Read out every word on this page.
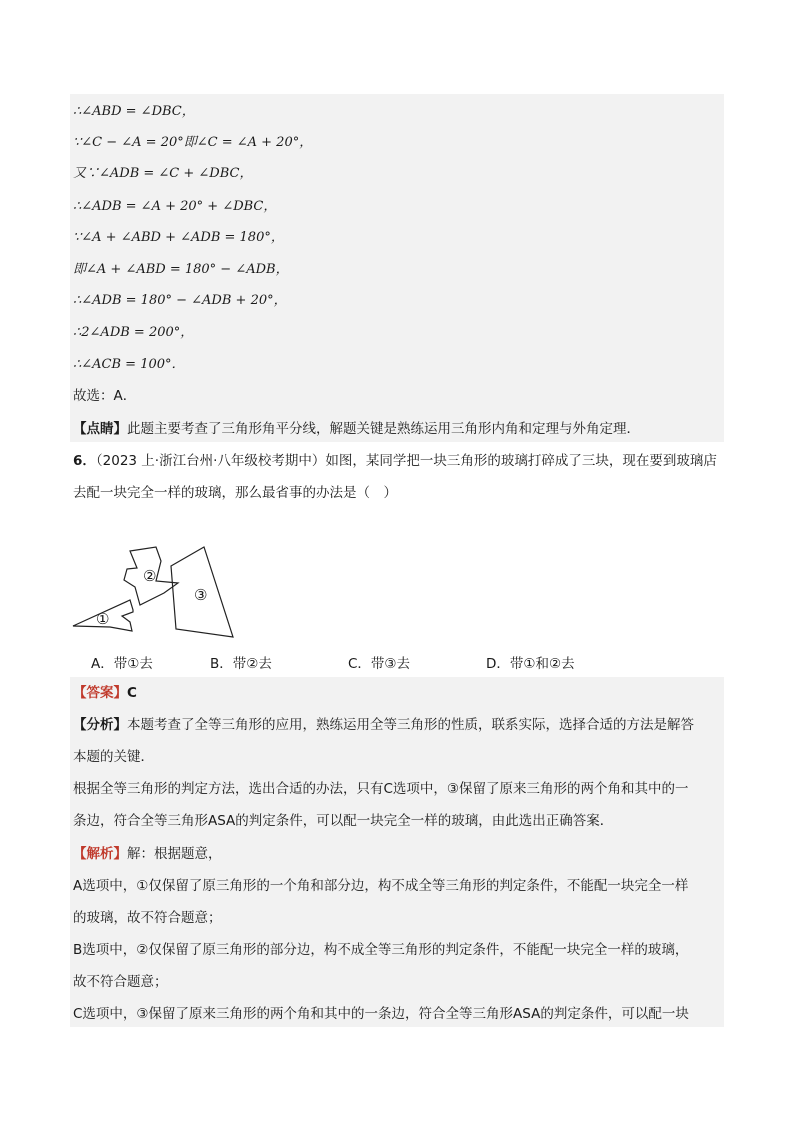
∴∠ABD = ∠DBC，
∵∠C − ∠A = 20°即∠C = ∠A + 20°，
又∵∠ADB = ∠C + ∠DBC，
∴∠ADB = ∠A + 20° + ∠DBC，
∵∠A + ∠ABD + ∠ADB = 180°，
即∠A + ∠ABD = 180° − ∠ADB，
∴∠ADB = 180° − ∠ADB + 20°，
∴2∠ADB = 200°，
∴∠ACB = 100°．
故选：A．
【点睛】此题主要考查了三角形角平分线，解题关键是熟练运用三角形内角和定理与外角定理．
6．（2023 上·浙江台州·八年级校考期中）如图，某同学把一块三角形的玻璃打碎成了三块，现在要到玻璃店
去配一块完全一样的玻璃，那么最省事的办法是（　）
①
②
③
A．带①去	B．带②去	C．带③去	D．带①和②去
【答案】C
【分析】本题考查了全等三角形的应用，熟练运用全等三角形的性质，联系实际，选择合适的方法是解答
本题的关键．
根据全等三角形的判定方法，选出合适的办法，只有C选项中，③保留了原来三角形的两个角和其中的一
条边，符合全等三角形ASA的判定条件，可以配一块完全一样的玻璃，由此选出正确答案．
【解析】解：根据题意，
A选项中，①仅保留了原三角形的一个角和部分边，构不成全等三角形的判定条件，不能配一块完全一样
的玻璃，故不符合题意；
B选项中，②仅保留了原三角形的部分边，构不成全等三角形的判定条件，不能配一块完全一样的玻璃，
故不符合题意；
C选项中，③保留了原来三角形的两个角和其中的一条边，符合全等三角形ASA的判定条件，可以配一块
